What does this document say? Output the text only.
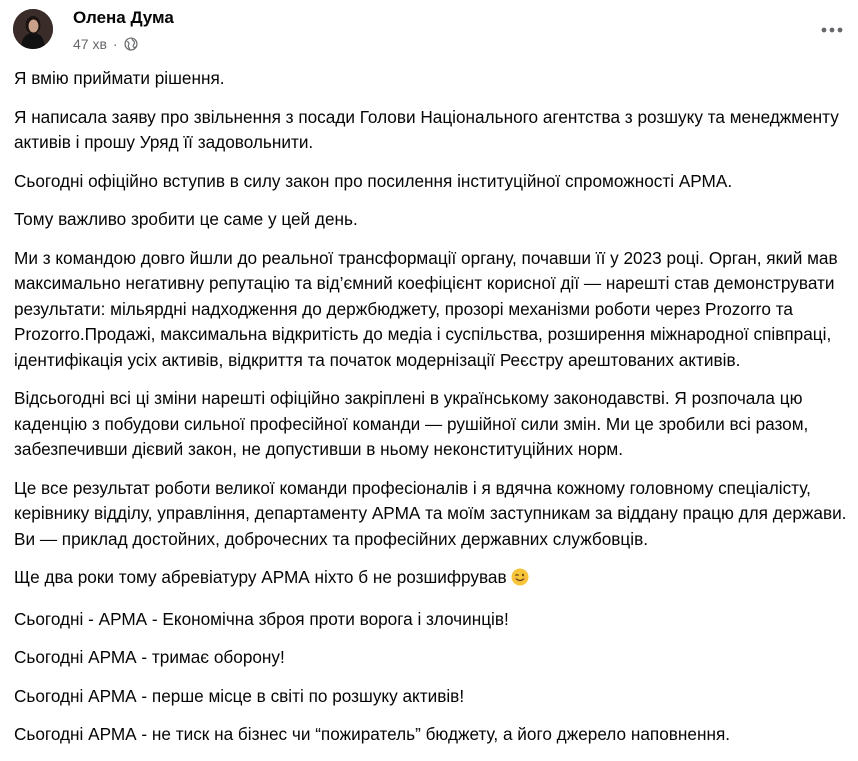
Олена Дума
47 хв ·

Я вмію приймати рішення.

Я написала заяву про звільнення з посади Голови Національного агентства з розшуку та менеджменту активів і прошу Уряд її задовольнити.

Сьогодні офіційно вступив в силу закон про посилення інституційної спроможності АРМА.

Тому важливо зробити це саме у цей день.

Ми з командою довго йшли до реальної трансформації органу, почавши її у 2023 році. Орган, який мав максимально негативну репутацію та від’ємний коефіцієнт корисної дії — нарешті став демонструвати результати: мільярдні надходження до держбюджету, прозорі механізми роботи через Prozorro та Prozorro.Продажі, максимальна відкритість до медіа і суспільства, розширення міжнародної співпраці, ідентифікація усіх активів, відкриття та початок модернізації Реєстру арештованих активів.

Відсьогодні всі ці зміни нарешті офіційно закріплені в українському законодавстві. Я розпочала цю каденцію з побудови сильної професійної команди — рушійної сили змін. Ми це зробили всі разом, забезпечивши дієвий закон, не допустивши в ньому неконституційних норм.

Це все результат роботи великої команди професіоналів і я вдячна кожному головному спеціалісту, керівнику відділу, управління, департаменту АРМА та моїм заступникам за віддану працю для держави. Ви — приклад достойних, доброчесних та професійних державних службовців.

Ще два роки тому абревіатуру АРМА ніхто б не розшифрував

Сьогодні - АРМА - Економічна зброя проти ворога і злочинців!

Сьогодні АРМА - тримає оборону!

Сьогодні АРМА - перше місце в світі по розшуку активів!

Сьогодні АРМА - не тиск на бізнес чи “пожиратель” бюджету, а його джерело наповнення.
